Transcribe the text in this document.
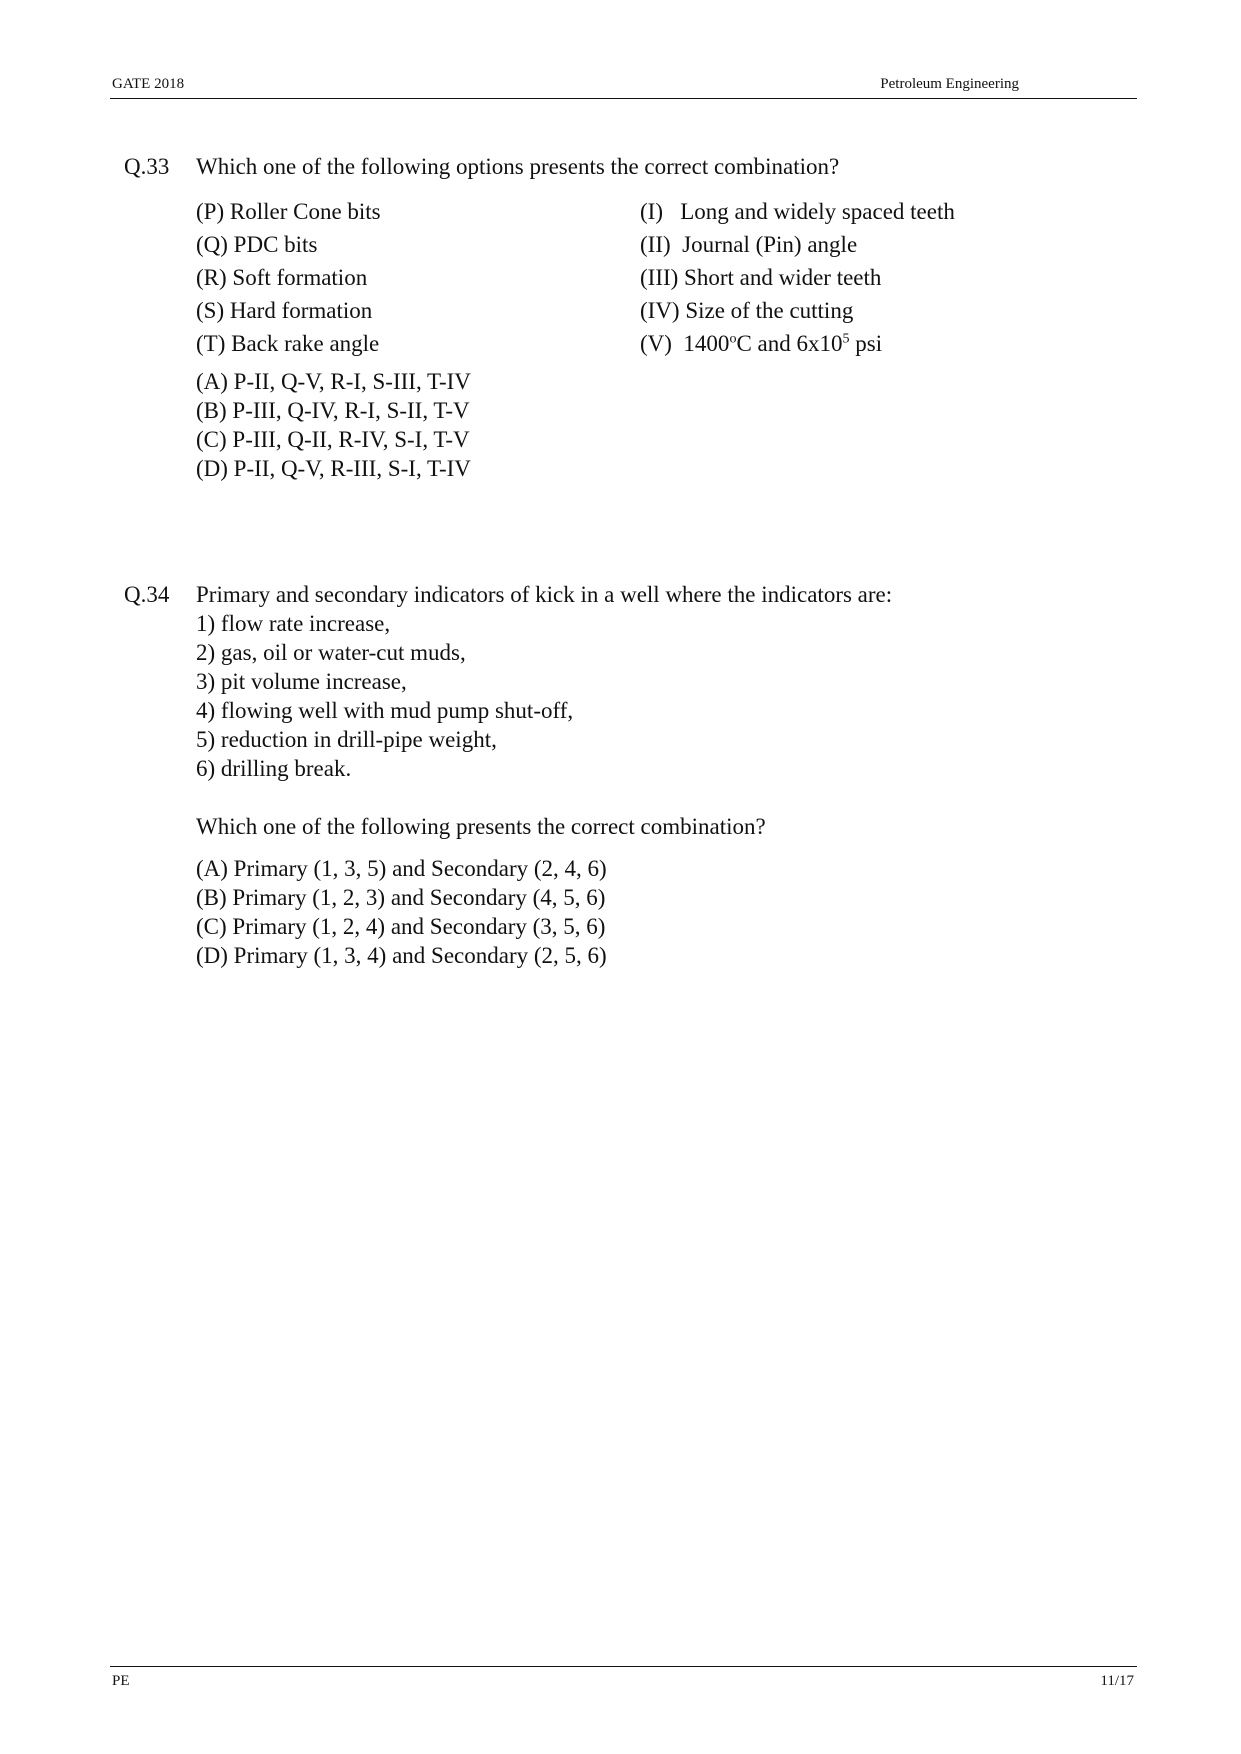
GATE 2018	Petroleum Engineering
Q.33 Which one of the following options presents the correct combination?
(P) Roller Cone bits
(Q) PDC bits
(R) Soft formation
(S) Hard formation
(T) Back rake angle
(I)   Long and widely spaced teeth
(II)  Journal (Pin) angle
(III) Short and wider teeth
(IV) Size of the cutting
(V)  1400$^o$C and $6x10^5$ psi
(A) P-II, Q-V, R-I, S-III, T-IV
(B) P-III, Q-IV, R-I, S-II, T-V
(C) P-III, Q-II, R-IV, S-I, T-V
(D) P-II, Q-V, R-III, S-I, T-IV
Q.34 Primary and secondary indicators of kick in a well where the indicators are:
1) flow rate increase,
2) gas, oil or water-cut muds,
3) pit volume increase,
4) flowing well with mud pump shut-off,
5) reduction in drill-pipe weight,
6) drilling break.
Which one of the following presents the correct combination?
(A) Primary (1, 3, 5) and Secondary (2, 4, 6)
(B) Primary (1, 2, 3) and Secondary (4, 5, 6)
(C) Primary (1, 2, 4) and Secondary (3, 5, 6)
(D) Primary (1, 3, 4) and Secondary (2, 5, 6)
PE	11/17
